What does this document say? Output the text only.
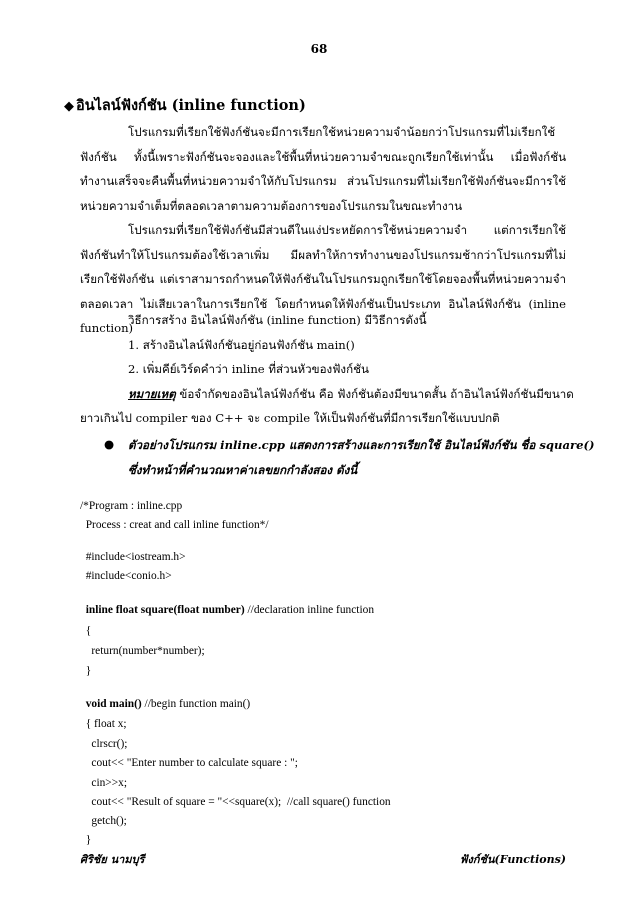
68
◆ อินไลน์ฟังก์ชัน (inline function)
โปรแกรมที่เรียกใช้ฟังก์ชันจะมีการเรียกใช้หน่วยความจำน้อยกว่าโปรแกรมที่ไม่เรียกใช้ฟังก์ชัน ทั้งนี้เพราะฟังก์ชันจะจองและใช้พื้นที่หน่วยความจำขณะถูกเรียกใช้เท่านั้น เมื่อฟังก์ชันทำงานเสร็จจะคืนพื้นที่หน่วยความจำให้กับโปรแกรม ส่วนโปรแกรมที่ไม่เรียกใช้ฟังก์ชันจะมีการใช้หน่วยความจำเต็มที่ตลอดเวลาตามความต้องการของโปรแกรมในขณะทำงาน
โปรแกรมที่เรียกใช้ฟังก์ชันมีส่วนดีในแง่ประหยัดการใช้หน่วยความจำ แต่การเรียกใช้ฟังก์ชันทำให้โปรแกรมต้องใช้เวลาเพิ่ม มีผลทำให้การทำงานของโปรแกรมช้ากว่าโปรแกรมที่ไม่เรียกใช้ฟังก์ชัน แต่เราสามารถกำหนดให้ฟังก์ชันในโปรแกรมถูกเรียกใช้โดยจองพื้นที่หน่วยความจำตลอดเวลา ไม่เสียเวลาในการเรียกใช้ โดยกำหนดให้ฟังก์ชันเป็นประเภท อินไลน์ฟังก์ชัน (inline function)
วิธีการสร้าง อินไลน์ฟังก์ชัน (inline function) มีวิธีการดังนี้
1. สร้างอินไลน์ฟังก์ชันอยู่ก่อนฟังก์ชัน main()
2. เพิ่มคีย์เวิร์ดคำว่า inline ที่ส่วนหัวของฟังก์ชัน
หมายเหตุ ข้อจำกัดของอินไลน์ฟังก์ชัน คือ ฟังก์ชันต้องมีขนาดสั้น ถ้าอินไลน์ฟังก์ชันมีขนาด
ยาวเกินไป compiler ของ C++ จะ compile ให้เป็นฟังก์ชันที่มีการเรียกใช้แบบปกติ
● ตัวอย่างโปรแกรม inline.cpp แสดงการสร้างและการเรียกใช้ อินไลน์ฟังก์ชัน ชื่อ square()
ซึ่งทำหน้าที่คำนวณหาค่าเลขยกกำลังสอง ดังนี้
/*Program : inline.cpp
Process : creat and call inline function*/
#include<iostream.h>
#include<conio.h>
inline float square(float number) //declaration inline function
{
return(number*number);
}
void main() //begin function main()
{ float x;
clrscr();
cout<< "Enter number to calculate square : ";
cin>>x;
cout<< "Result of square = "<<square(x);  //call square() function
getch();
}
ศิริชัย นามบุรี	ฟังก์ชัน(Functions)
